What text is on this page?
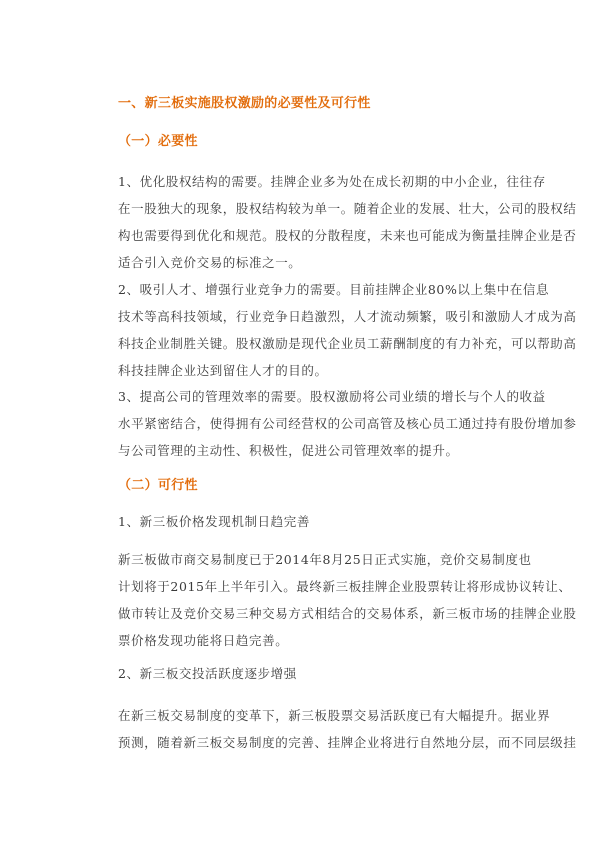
一、新三板实施股权激励的必要性及可行性
（一）必要性
1、优化股权结构的需要。挂牌企业多为处在成长初期的中小企业，往往存
在一股独大的现象，股权结构较为单一。随着企业的发展、壮大，公司的股权结
构也需要得到优化和规范。股权的分散程度，未来也可能成为衡量挂牌企业是否
适合引入竞价交易的标准之一。
2、吸引人才、增强行业竞争力的需要。目前挂牌企业80%以上集中在信息
技术等高科技领域，行业竞争日趋激烈，人才流动频繁，吸引和激励人才成为高
科技企业制胜关键。股权激励是现代企业员工薪酬制度的有力补充，可以帮助高
科技挂牌企业达到留住人才的目的。
3、提高公司的管理效率的需要。股权激励将公司业绩的增长与个人的收益
水平紧密结合，使得拥有公司经营权的公司高管及核心员工通过持有股份增加参
与公司管理的主动性、积极性，促进公司管理效率的提升。
（二）可行性
1、新三板价格发现机制日趋完善
新三板做市商交易制度已于2014年8月25日正式实施，竞价交易制度也
计划将于2015年上半年引入。最终新三板挂牌企业股票转让将形成协议转让、
做市转让及竞价交易三种交易方式相结合的交易体系，新三板市场的挂牌企业股
票价格发现功能将日趋完善。
2、新三板交投活跃度逐步增强
在新三板交易制度的变革下，新三板股票交易活跃度已有大幅提升。据业界
预测，随着新三板交易制度的完善、挂牌企业将进行自然地分层，而不同层级挂
